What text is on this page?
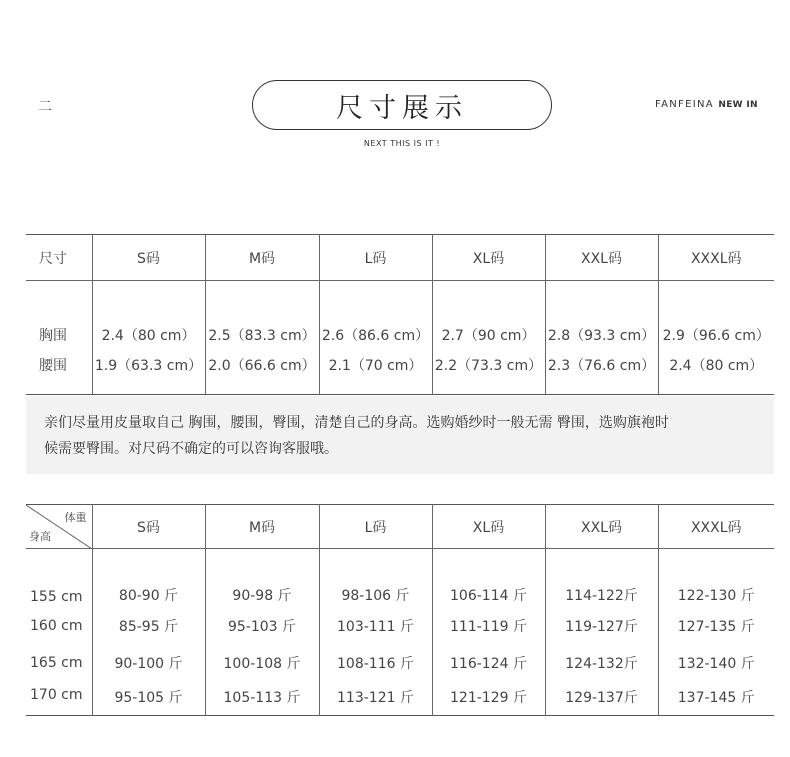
二	尺寸展示
NEXT THIS IS IT !
FANFEINA NEW IN
尺寸	S码	M码	L码	XL码	XXL码	XXXL码
胸围	2.4（80 cm）	2.5（83.3 cm）	2.6（86.6 cm）	2.7（90 cm）	2.8（93.3 cm）	2.9（96.6 cm）
腰围	1.9（63.3 cm）	2.0（66.6 cm）	2.1（70 cm）	2.2（73.3 cm）	2.3（76.6 cm）	2.4（80 cm）
亲们尽量用皮量取自己 胸围，腰围，臀围，清楚自己的身高。选购婚纱时一般无需 臀围，选购旗袍时
候需要臀围。对尺码不确定的可以咨询客服哦。
体重
身高	S码	M码	L码	XL码	XXL码	XXXL码
155 cm	80-90 斤	90-98 斤	98-106 斤	106-114 斤	114-122斤	122-130 斤
160 cm	85-95 斤	95-103 斤	103-111 斤	111-119 斤	119-127斤	127-135 斤
165 cm	90-100 斤	100-108 斤	108-116 斤	116-124 斤	124-132斤	132-140 斤
170 cm	95-105 斤	105-113 斤	113-121 斤	121-129 斤	129-137斤	137-145 斤
